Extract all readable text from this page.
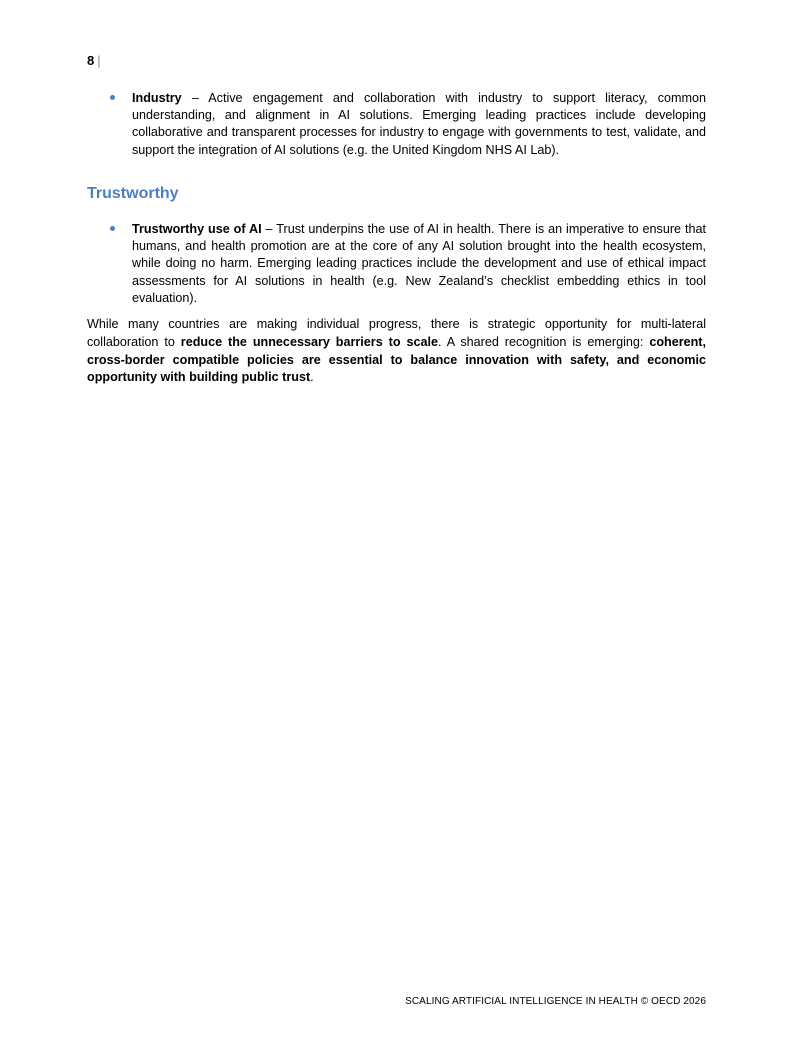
8 |
Industry – Active engagement and collaboration with industry to support literacy, common understanding, and alignment in AI solutions. Emerging leading practices include developing collaborative and transparent processes for industry to engage with governments to test, validate, and support the integration of AI solutions (e.g. the United Kingdom NHS AI Lab).
Trustworthy
Trustworthy use of AI – Trust underpins the use of AI in health. There is an imperative to ensure that humans, and health promotion are at the core of any AI solution brought into the health ecosystem, while doing no harm. Emerging leading practices include the development and use of ethical impact assessments for AI solutions in health (e.g. New Zealand’s checklist embedding ethics in tool evaluation).
While many countries are making individual progress, there is strategic opportunity for multi-lateral collaboration to reduce the unnecessary barriers to scale. A shared recognition is emerging: coherent, cross-border compatible policies are essential to balance innovation with safety, and economic opportunity with building public trust.
SCALING ARTIFICIAL INTELLIGENCE IN HEALTH © OECD 2026
